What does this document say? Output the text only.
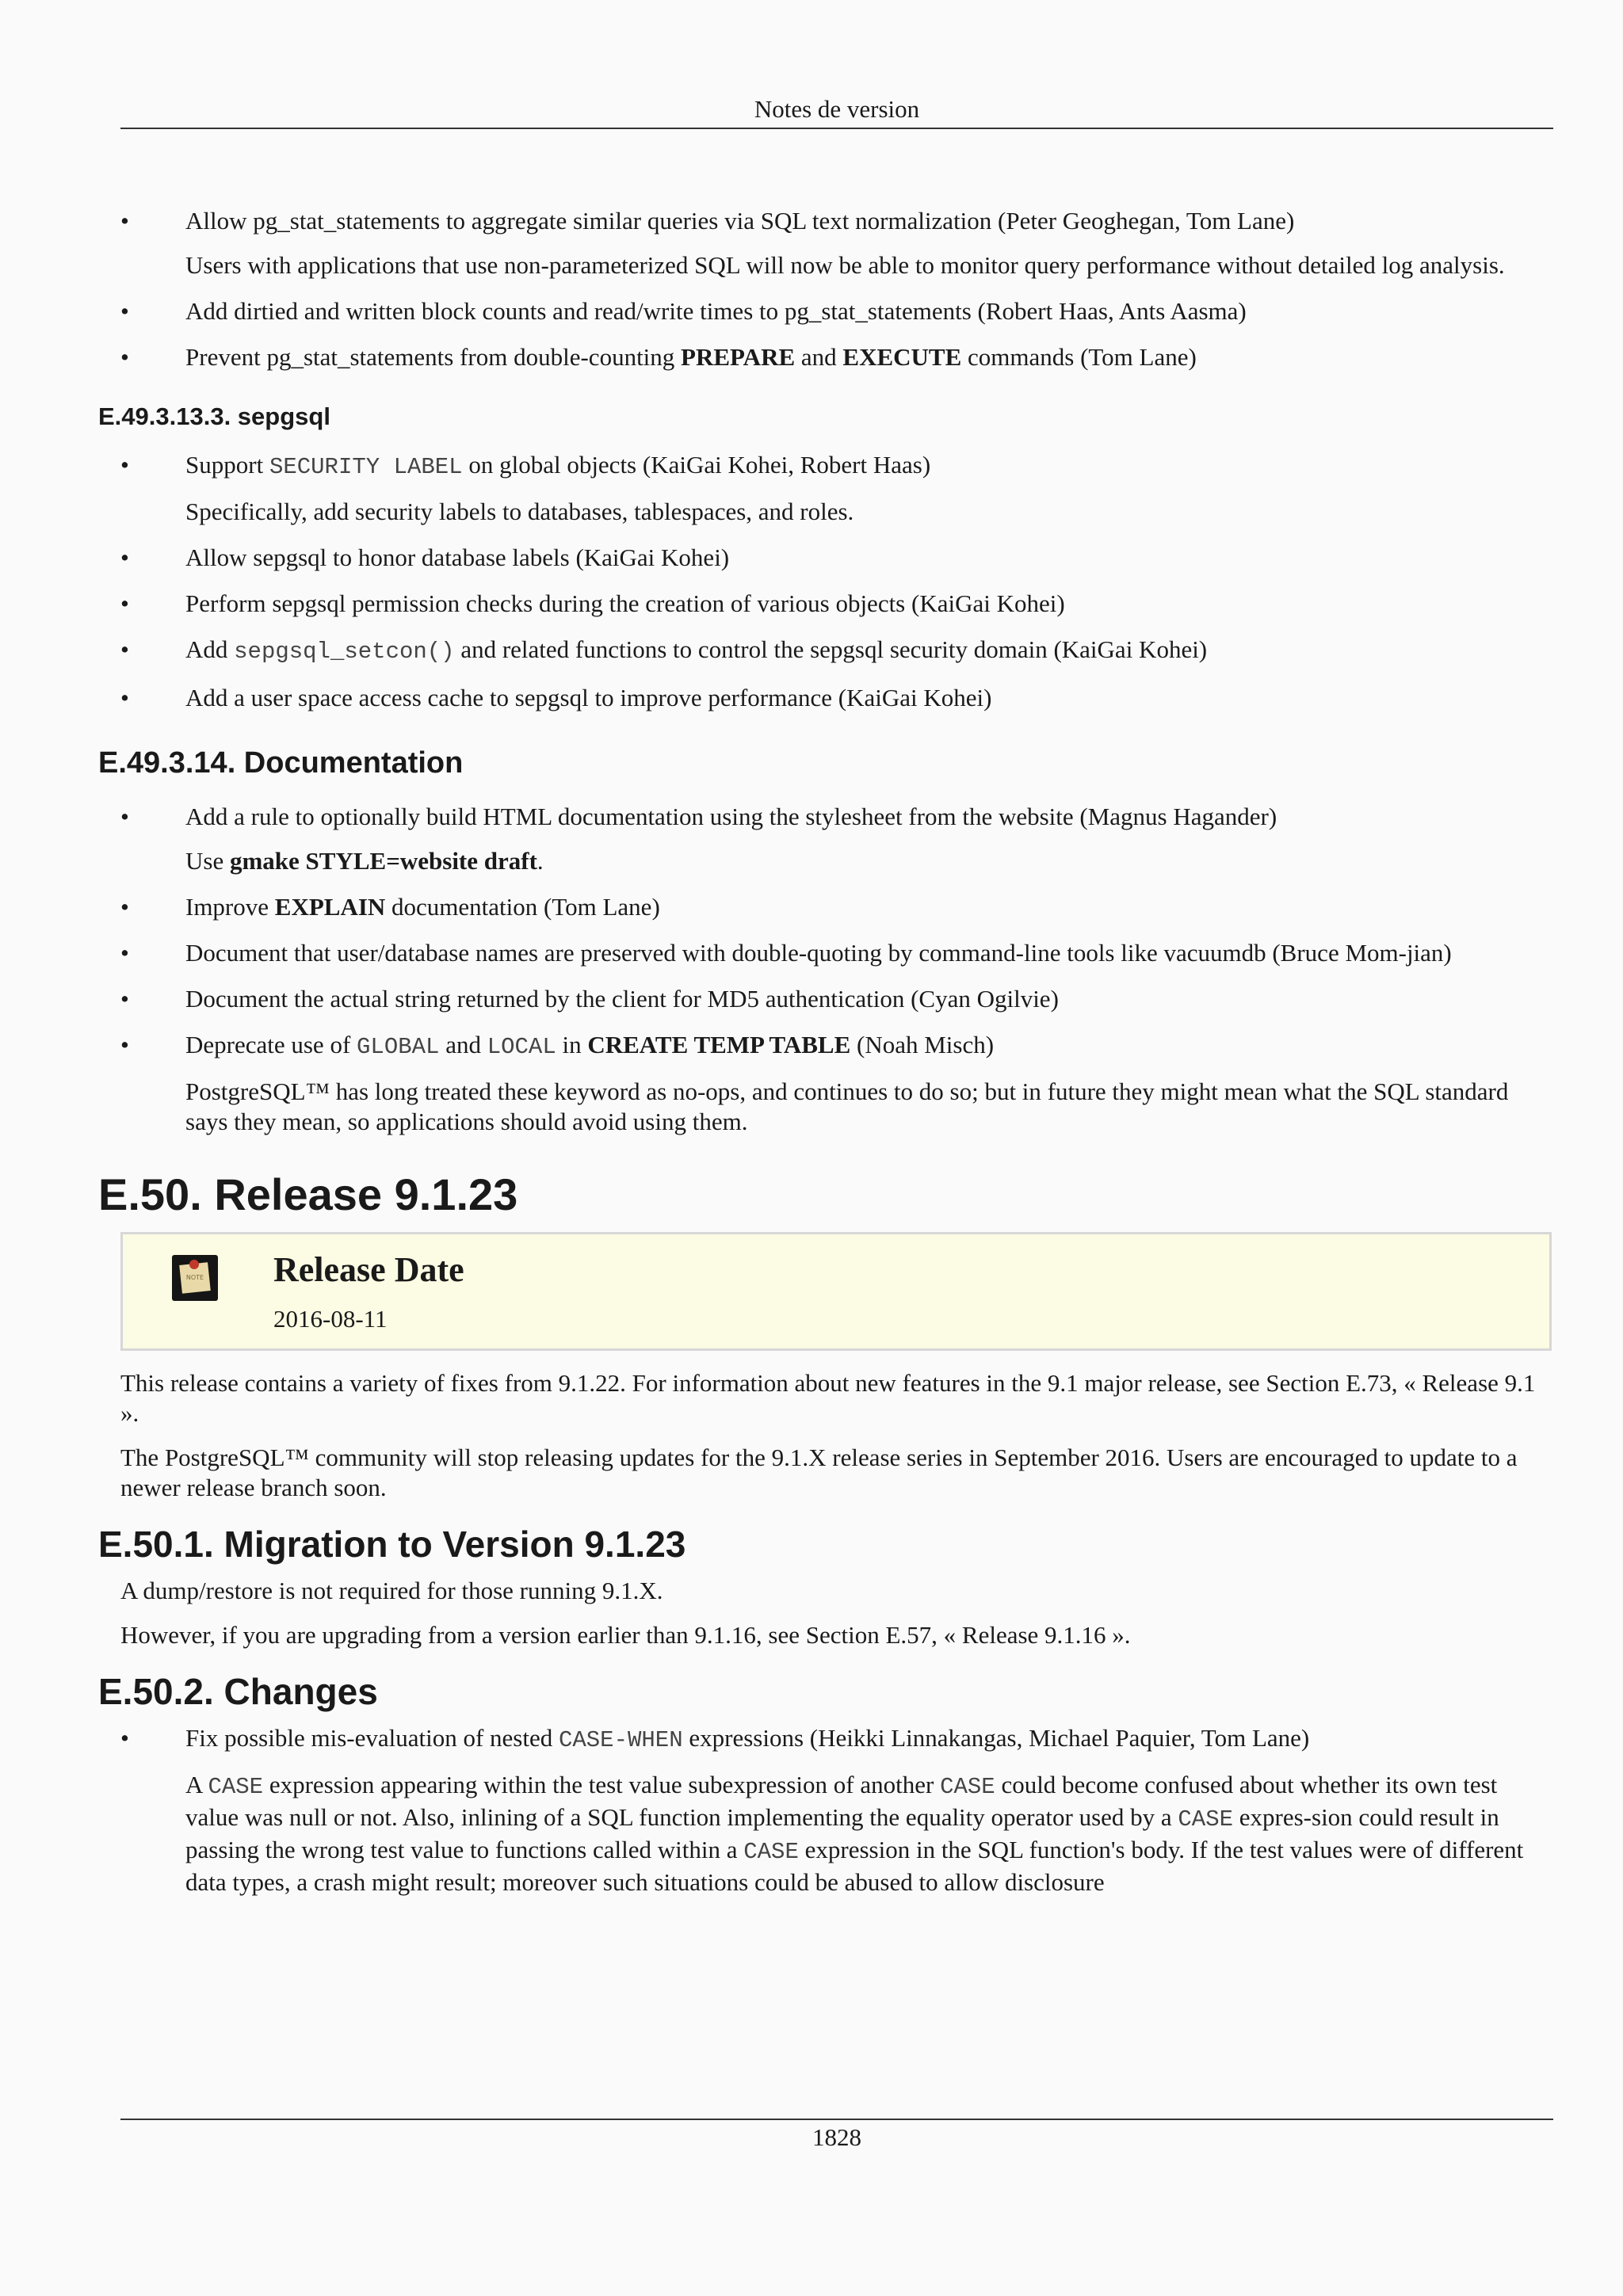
Notes de version

• Allow pg_stat_statements to aggregate similar queries via SQL text normalization (Peter Geoghegan, Tom Lane)

Users with applications that use non-parameterized SQL will now be able to monitor query performance without detailed log analysis.

• Add dirtied and written block counts and read/write times to pg_stat_statements (Robert Haas, Ants Aasma)

• Prevent pg_stat_statements from double-counting PREPARE and EXECUTE commands (Tom Lane)

E.49.3.13.3. sepgsql

• Support SECURITY LABEL on global objects (KaiGai Kohei, Robert Haas)

Specifically, add security labels to databases, tablespaces, and roles.

• Allow sepgsql to honor database labels (KaiGai Kohei)

• Perform sepgsql permission checks during the creation of various objects (KaiGai Kohei)

• Add sepgsql_setcon() and related functions to control the sepgsql security domain (KaiGai Kohei)

• Add a user space access cache to sepgsql to improve performance (KaiGai Kohei)

E.49.3.14. Documentation

• Add a rule to optionally build HTML documentation using the stylesheet from the website (Magnus Hagander)

Use gmake STYLE=website draft.

• Improve EXPLAIN documentation (Tom Lane)

• Document that user/database names are preserved with double-quoting by command-line tools like vacuumdb (Bruce Mom-jian)

• Document the actual string returned by the client for MD5 authentication (Cyan Ogilvie)

• Deprecate use of GLOBAL and LOCAL in CREATE TEMP TABLE (Noah Misch)

PostgreSQL™ has long treated these keyword as no-ops, and continues to do so; but in future they might mean what the SQL standard says they mean, so applications should avoid using them.

E.50. Release 9.1.23
NOTE Release Date
2016-08-11

This release contains a variety of fixes from 9.1.22. For information about new features in the 9.1 major release, see Section E.73, « Release 9.1 ».

The PostgreSQL™ community will stop releasing updates for the 9.1.X release series in September 2016. Users are encouraged to update to a newer release branch soon.

E.50.1. Migration to Version 9.1.23

A dump/restore is not required for those running 9.1.X.

However, if you are upgrading from a version earlier than 9.1.16, see Section E.57, « Release 9.1.16 ».

E.50.2. Changes

• Fix possible mis-evaluation of nested CASE-WHEN expressions (Heikki Linnakangas, Michael Paquier, Tom Lane)

A CASE expression appearing within the test value subexpression of another CASE could become confused about whether its own test value was null or not. Also, inlining of a SQL function implementing the equality operator used by a CASE expres-sion could result in passing the wrong test value to functions called within a CASE expression in the SQL function's body. If the test values were of different data types, a crash might result; moreover such situations could be abused to allow disclosure

1828
